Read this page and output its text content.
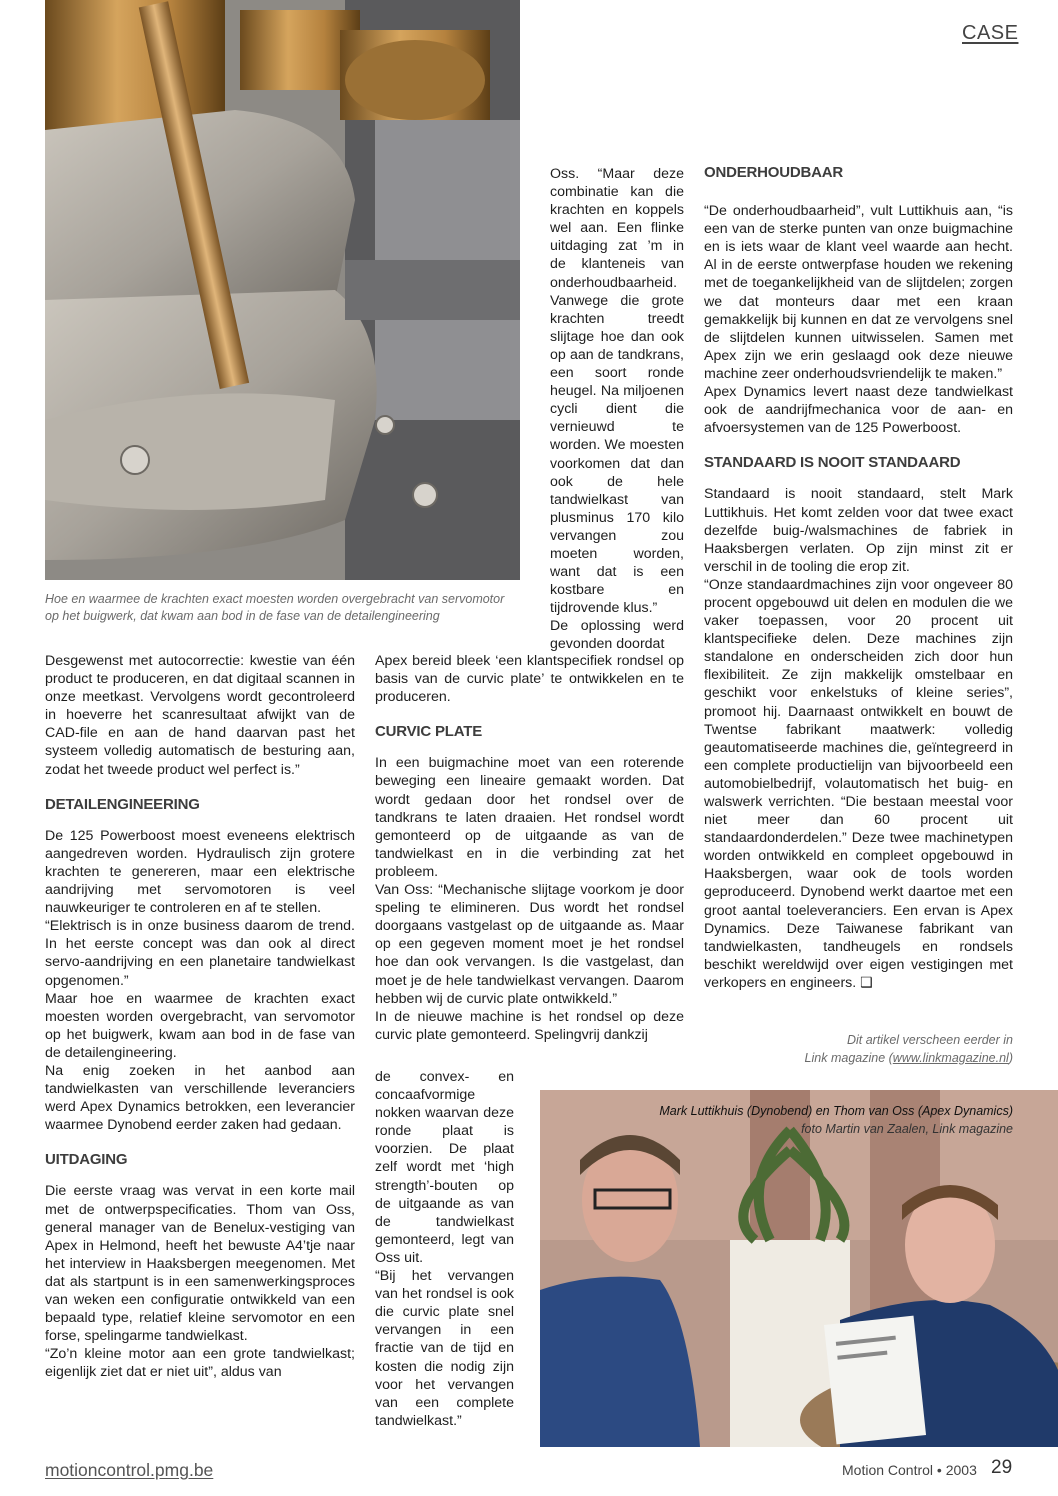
CASE
Hoe en waarmee de krachten exact moesten worden overgebracht van servomotor op het buigwerk, dat kwam aan bod in de fase van de detailengineering

Desgewenst met autocorrectie: kwestie van één product te produceren, en dat digitaal scannen in onze meetkast. Vervolgens wordt gecontroleerd in hoeverre het scanresultaat afwijkt van de CAD-file en aan de hand daarvan past het systeem volledig automatisch de besturing aan, zodat het tweede product wel perfect is.”

DETAILENGINEERING

De 125 Powerboost moest eveneens elektrisch aangedreven worden. Hydraulisch zijn grotere krachten te genereren, maar een elektrische aandrijving met servomotoren is veel nauwkeuriger te controleren en af te stellen.

“Elektrisch is in onze business daarom de trend. In het eerste concept was dan ook al direct servo-aandrijving en een planetaire tandwielkast opgenomen.”

Maar hoe en waarmee de krachten exact moesten worden overgebracht, van servomotor op het buigwerk, kwam aan bod in de fase van de detailengineering.

Na enig zoeken in het aanbod aan tandwielkasten van verschillende leveranciers werd Apex Dynamics betrokken, een leverancier waarmee Dynobend eerder zaken had gedaan.

UITDAGING

Die eerste vraag was vervat in een korte mail met de ontwerpspecificaties. Thom van Oss, general manager van de Benelux-vestiging van Apex in Helmond, heeft het bewuste A4’tje naar het interview in Haaksbergen meegenomen. Met dat als startpunt is in een samenwerkingsproces van weken een configuratie ontwikkeld van een bepaald type, relatief kleine servomotor en een forse, spelingarme tandwielkast.

“Zo’n kleine motor aan een grote tandwielkast; eigenlijk ziet dat er niet uit”, aldus van

Oss. “Maar deze combinatie kan die krachten en koppels wel aan. Een flinke uitdaging zat ’m in de klanteneis van onderhoudbaarheid. Vanwege die grote krachten treedt slijtage hoe dan ook op aan de tandkrans, een soort ronde heugel. Na miljoenen cycli dient die vernieuwd te worden. We moesten voorkomen dat dan ook de hele tandwielkast van plusminus 170 kilo vervangen zou moeten worden, want dat is een kostbare en tijdrovende klus.”

De oplossing werd gevonden doordat

Apex bereid bleek ‘een klantspecifiek rondsel op basis van de curvic plate’ te ontwikkelen en te produceren.

CURVIC PLATE

In een buigmachine moet van een roterende beweging een lineaire gemaakt worden. Dat wordt gedaan door het rondsel over de tandkrans te laten draaien. Het rondsel wordt gemonteerd op de uitgaande as van de tandwielkast en in die verbinding zat het probleem.

Van Oss: “Mechanische slijtage voorkom je door speling te elimineren. Dus wordt het rondsel doorgaans vastgelast op de uitgaande as. Maar op een gegeven moment moet je het rondsel hoe dan ook vervangen. Is die vastgelast, dan moet je de hele tandwielkast vervangen. Daarom hebben wij de curvic plate ontwikkeld.”

In de nieuwe machine is het rondsel op deze curvic plate gemonteerd. Spelingvrij dankzij

de convex- en concaafvormige nokken waarvan deze ronde plaat is voorzien. De plaat zelf wordt met ‘high strength’-bouten op de uitgaande as van de tandwielkast gemonteerd, legt van Oss uit.

“Bij het vervangen van het rondsel is ook die curvic plate snel vervangen in een fractie van de tijd en kosten die nodig zijn voor het vervangen van een complete tandwielkast.”

ONDERHOUDBAAR

“De onderhoudbaarheid”, vult Luttikhuis aan, “is een van de sterke punten van onze buigmachine en is iets waar de klant veel waarde aan hecht. Al in de eerste ontwerpfase houden we rekening met de toegankelijkheid van de slijtdelen; zorgen we dat monteurs daar met een kraan gemakkelijk bij kunnen en dat ze vervolgens snel de slijtdelen kunnen uitwisselen. Samen met Apex zijn we erin geslaagd ook deze nieuwe machine zeer onderhoudsvriendelijk te maken.”

Apex Dynamics levert naast deze tandwielkast ook de aandrijfmechanica voor de aan- en afvoersystemen van de 125 Powerboost.

STANDAARD IS NOOIT STANDAARD

Standaard is nooit standaard, stelt Mark Luttikhuis. Het komt zelden voor dat twee exact dezelfde buig-/walsmachines de fabriek in Haaksbergen verlaten. Op zijn minst zit er verschil in de tooling die erop zit.

“Onze standaardmachines zijn voor ongeveer 80 procent opgebouwd uit delen en modulen die we vaker toepassen, voor 20 procent uit klantspecifieke delen. Deze machines zijn standalone en onderscheiden zich door hun flexibiliteit. Ze zijn makkelijk omstelbaar en geschikt voor enkelstuks of kleine series”, promoot hij. Daarnaast ontwikkelt en bouwt de Twentse fabrikant maatwerk: volledig geautomatiseerde machines die, geïntegreerd in een complete productielijn van bijvoorbeeld een automobielbedrijf, volautomatisch het buig- en walswerk verrichten. “Die bestaan meestal voor niet meer dan 60 procent uit standaardonderdelen.” Deze twee machinetypen worden ontwikkeld en compleet opgebouwd in Haaksbergen, waar ook de tools worden geproduceerd. Dynobend werkt daartoe met een groot aantal toeleveranciers. Een ervan is Apex Dynamics. Deze Taiwanese fabrikant van tandwielkasten, tandheugels en rondsels beschikt wereldwijd over eigen vestigingen met verkopers en engineers. ❑

Dit artikel verscheen eerder in
Link magazine (www.linkmagazine.nl)
Mark Luttikhuis (Dynobend) en Thom van Oss (Apex Dynamics)
foto Martin van Zaalen, Link magazine
motioncontrol.pmg.be	Motion Control • 2003 29
